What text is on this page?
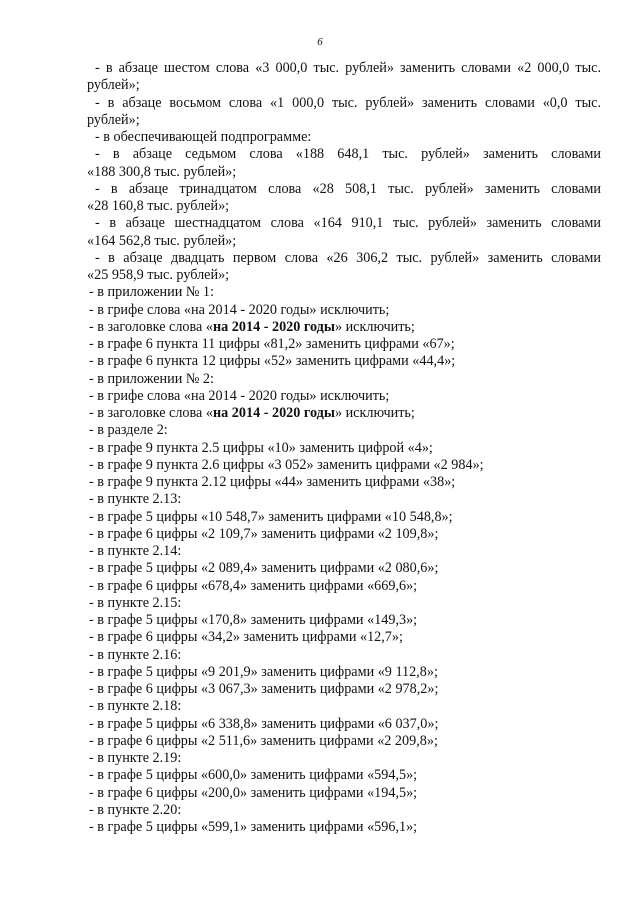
6
- в абзаце шестом слова «3 000,0 тыс. рублей» заменить словами «2 000,0 тыс.
рублей»;
- в абзаце восьмом слова «1 000,0 тыс. рублей» заменить словами «0,0 тыс.
рублей»;
- в обеспечивающей подпрограмме:
- в абзаце седьмом слова «188 648,1 тыс. рублей» заменить словами
«188 300,8 тыс. рублей»;
- в абзаце тринадцатом слова «28 508,1 тыс. рублей» заменить словами
«28 160,8 тыс. рублей»;
- в абзаце шестнадцатом слова «164 910,1 тыс. рублей» заменить словами
«164 562,8 тыс. рублей»;
- в абзаце двадцать первом слова «26 306,2 тыс. рублей» заменить словами
«25 958,9 тыс. рублей»;
- в приложении № 1:
- в грифе слова «на 2014 - 2020 годы» исключить;
- в заголовке слова «на 2014 - 2020 годы» исключить;
- в графе 6 пункта 11 цифры «81,2» заменить цифрами «67»;
- в графе 6 пункта 12 цифры «52» заменить цифрами «44,4»;
- в приложении № 2:
- в грифе слова «на 2014 - 2020 годы» исключить;
- в заголовке слова «на 2014 - 2020 годы» исключить;
- в разделе 2:
- в графе 9 пункта 2.5 цифры «10» заменить цифрой «4»;
- в графе 9 пункта 2.6 цифры «3 052» заменить цифрами «2 984»;
- в графе 9 пункта 2.12 цифры «44» заменить цифрами «38»;
- в пункте 2.13:
- в графе 5 цифры «10 548,7» заменить цифрами «10 548,8»;
- в графе 6 цифры «2 109,7» заменить цифрами «2 109,8»;
- в пункте 2.14:
- в графе 5 цифры «2 089,4» заменить цифрами «2 080,6»;
- в графе 6 цифры «678,4» заменить цифрами «669,6»;
- в пункте 2.15:
- в графе 5 цифры «170,8» заменить цифрами «149,3»;
- в графе 6 цифры «34,2» заменить цифрами «12,7»;
- в пункте 2.16:
- в графе 5 цифры «9 201,9» заменить цифрами «9 112,8»;
- в графе 6 цифры «3 067,3» заменить цифрами «2 978,2»;
- в пункте 2.18:
- в графе 5 цифры «6 338,8» заменить цифрами «6 037,0»;
- в графе 6 цифры «2 511,6» заменить цифрами «2 209,8»;
- в пункте 2.19:
- в графе 5 цифры «600,0» заменить цифрами «594,5»;
- в графе 6 цифры «200,0» заменить цифрами «194,5»;
- в пункте 2.20:
- в графе 5 цифры «599,1» заменить цифрами «596,1»;
